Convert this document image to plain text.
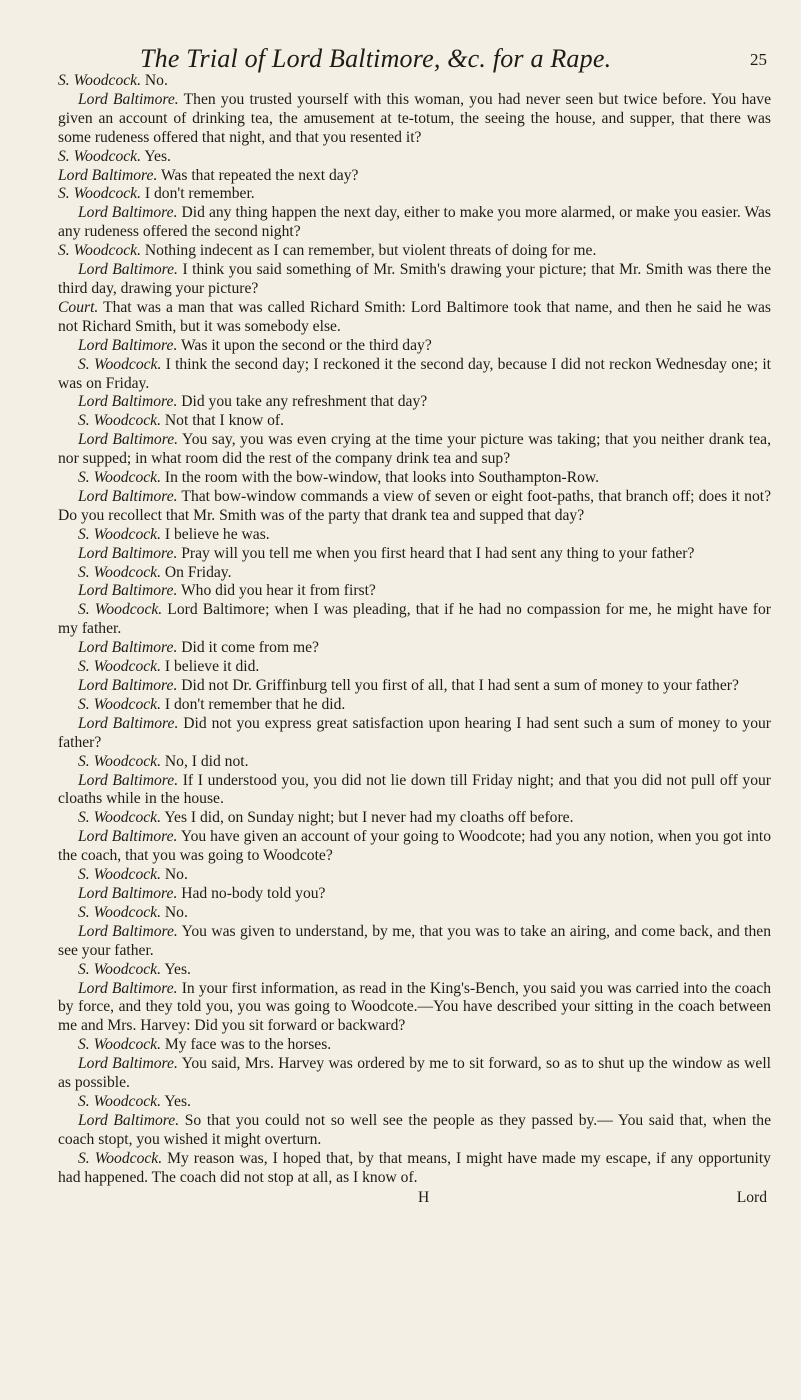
The Trial of Lord Baltimore, &c. for a Rape.	25

S. Woodcock. No.

Lord Baltimore. Then you trusted yourself with this woman, you had never seen but twice before. You have given an account of drinking tea, the amusement at te-totum, the seeing the house, and supper, that there was some rudeness offered that night, and that you resented it?

S. Woodcock. Yes.

Lord Baltimore. Was that repeated the next day?

S. Woodcock. I don't remember.

Lord Baltimore. Did any thing happen the next day, either to make you more alarmed, or make you easier. Was any rudeness offered the second night?

S. Woodcock. Nothing indecent as I can remember, but violent threats of doing for me.

Lord Baltimore. I think you said something of Mr. Smith's drawing your picture; that Mr. Smith was there the third day, drawing your picture?

Court. That was a man that was called Richard Smith: Lord Baltimore took that name, and then he said he was not Richard Smith, but it was somebody else.

Lord Baltimore. Was it upon the second or the third day?

S. Woodcock. I think the second day; I reckoned it the second day, because I did not reckon Wednesday one; it was on Friday.

Lord Baltimore. Did you take any refreshment that day?

S. Woodcock. Not that I know of.

Lord Baltimore. You say, you was even crying at the time your picture was taking; that you neither drank tea, nor supped; in what room did the rest of the company drink tea and sup?

S. Woodcock. In the room with the bow-window, that looks into Southampton-Row.

Lord Baltimore. That bow-window commands a view of seven or eight foot-paths, that branch off; does it not? Do you recollect that Mr. Smith was of the party that drank tea and supped that day?

S. Woodcock. I believe he was.

Lord Baltimore. Pray will you tell me when you first heard that I had sent any thing to your father?

S. Woodcock. On Friday.

Lord Baltimore. Who did you hear it from first?

S. Woodcock. Lord Baltimore; when I was pleading, that if he had no compassion for me, he might have for my father.

Lord Baltimore. Did it come from me?

S. Woodcock. I believe it did.

Lord Baltimore. Did not Dr. Griffinburg tell you first of all, that I had sent a sum of money to your father?

S. Woodcock. I don't remember that he did.

Lord Baltimore. Did not you express great satisfaction upon hearing I had sent such a sum of money to your father?

S. Woodcock. No, I did not.

Lord Baltimore. If I understood you, you did not lie down till Friday night; and that you did not pull off your cloaths while in the house.

S. Woodcock. Yes I did, on Sunday night; but I never had my cloaths off before.

Lord Baltimore. You have given an account of your going to Woodcote; had you any notion, when you got into the coach, that you was going to Woodcote?

S. Woodcock. No.

Lord Baltimore. Had no-body told you?

S. Woodcock. No.

Lord Baltimore. You was given to understand, by me, that you was to take an airing, and come back, and then see your father.

S. Woodcock. Yes.

Lord Baltimore. In your first information, as read in the King's-Bench, you said you was carried into the coach by force, and they told you, you was going to Woodcote.—You have described your sitting in the coach between me and Mrs. Harvey: Did you sit forward or backward?

S. Woodcock. My face was to the horses.

Lord Baltimore. You said, Mrs. Harvey was ordered by me to sit forward, so as to shut up the window as well as possible.

S. Woodcock. Yes.

Lord Baltimore. So that you could not so well see the people as they passed by.— You said that, when the coach stopt, you wished it might overturn.

S. Woodcock. My reason was, I hoped that, by that means, I might have made my escape, if any opportunity had happened. The coach did not stop at all, as I know of.

H	Lord
